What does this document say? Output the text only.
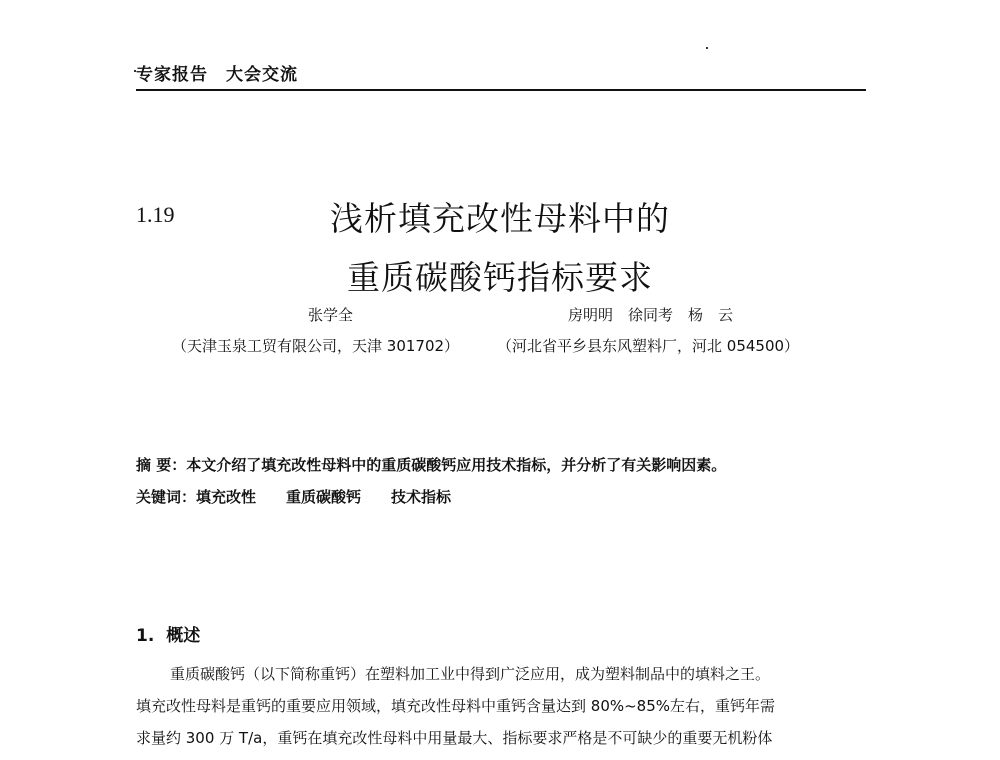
专家报告　大会交流
1.19	浅析填充改性母料中的
重质碳酸钙指标要求
张学全	房明明　徐同考　杨　云
（天津玉泉工贸有限公司，天津 301702）	（河北省平乡县东风塑料厂，河北 054500）
摘 要：本文介绍了填充改性母料中的重质碳酸钙应用技术指标，并分析了有关影响因素。
关键词：填充改性 重质碳酸钙 技术指标
1. 概述
重质碳酸钙（以下简称重钙）在塑料加工业中得到广泛应用，成为塑料制品中的填料之王。
填充改性母料是重钙的重要应用领域，填充改性母料中重钙含量达到 80%~85%左右，重钙年需
求量约 300 万 T/a，重钙在填充改性母料中用量最大、指标要求严格是不可缺少的重要无机粉体
